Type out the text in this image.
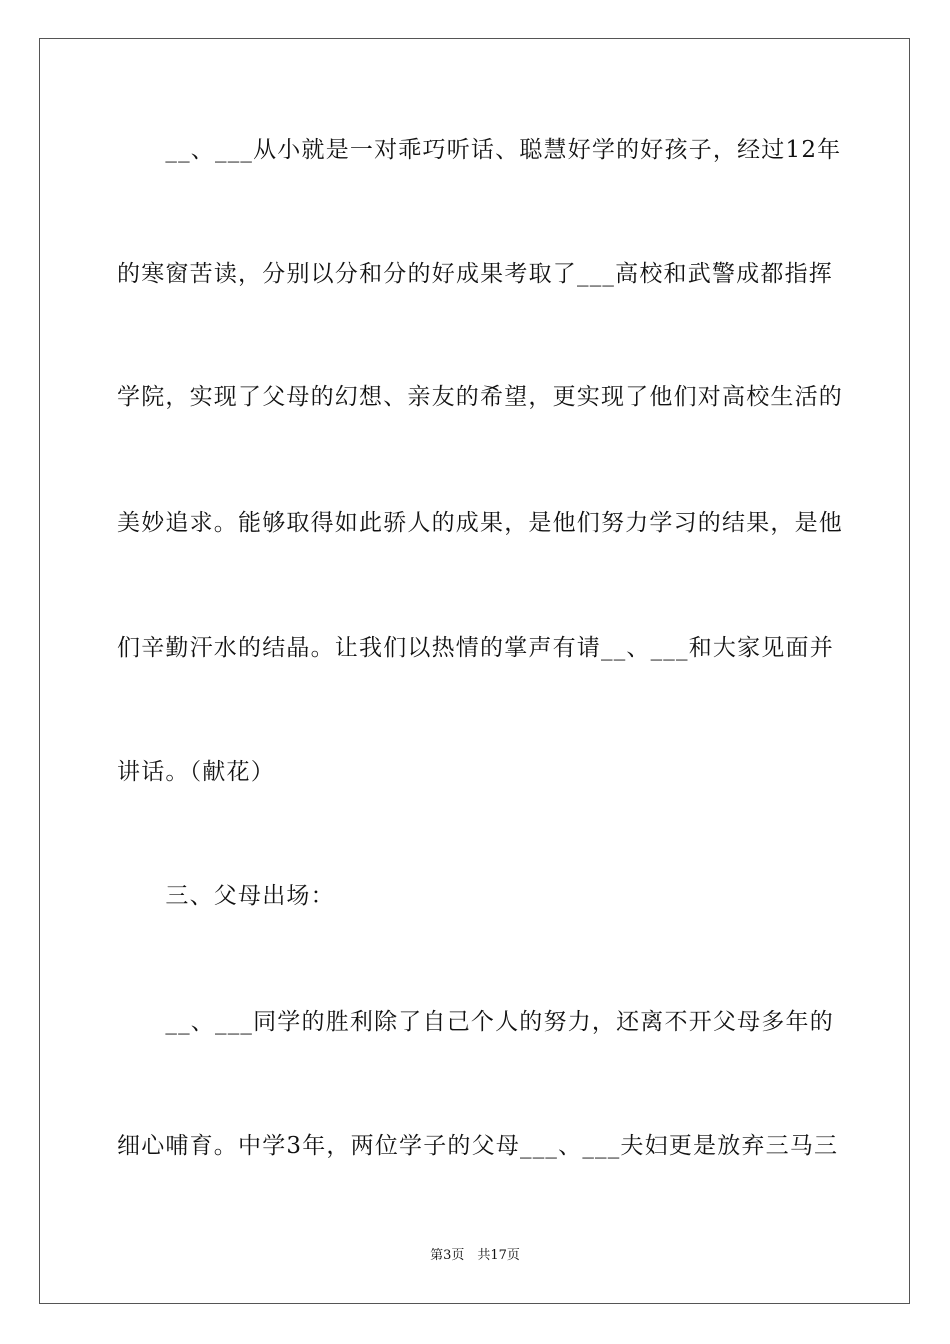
　　__、___从小就是一对乖巧听话、聪慧好学的好孩子，经过12年
的寒窗苦读，分别以分和分的好成果考取了___高校和武警成都指挥
学院，实现了父母的幻想、亲友的希望，更实现了他们对高校生活的
美妙追求。能够取得如此骄人的成果，是他们努力学习的结果，是他
们辛勤汗水的结晶。让我们以热情的掌声有请__、___和大家见面并
讲话。（献花）
　　三、父母出场：
　　__、___同学的胜利除了自己个人的努力，还离不开父母多年的
细心哺育。中学3年，两位学子的父母___、___夫妇更是放弃三马三
第3页　共17页
